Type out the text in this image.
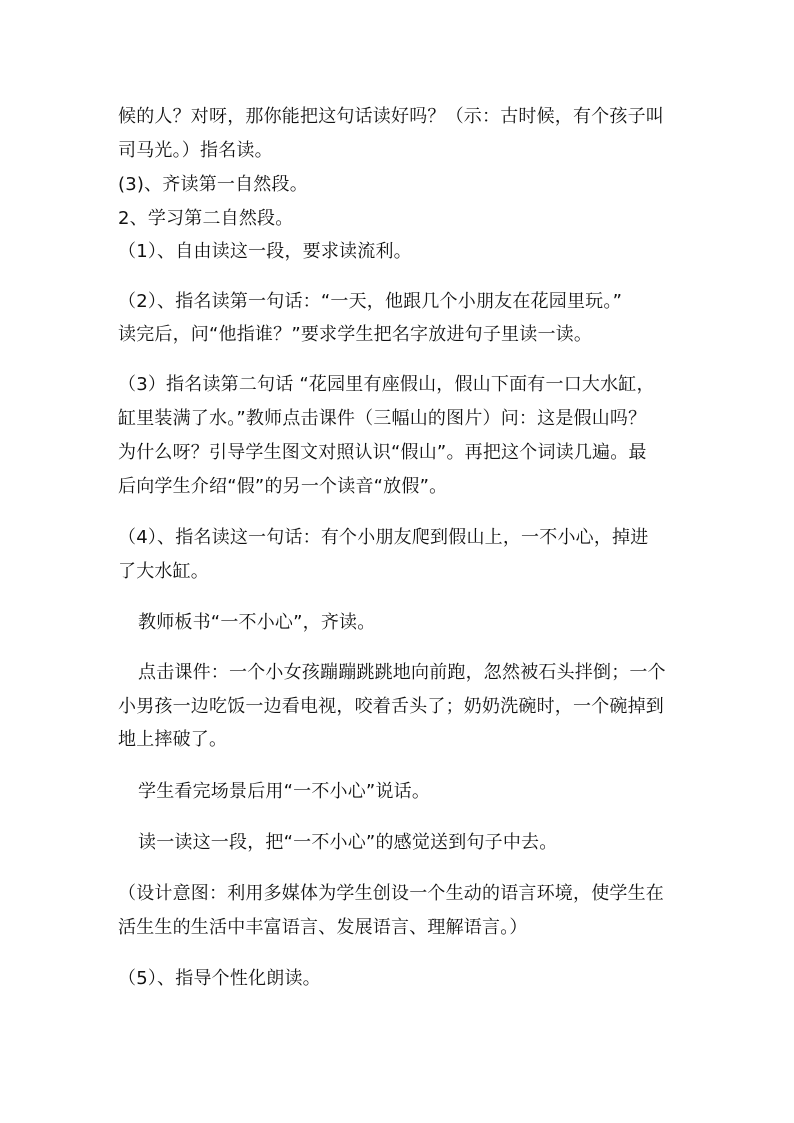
候的人？对呀，那你能把这句话读好吗？（示：古时候，有个孩子叫
司马光。）指名读。
(3)、齐读第一自然段。
2、学习第二自然段。
（1）、自由读这一段，要求读流利。
（2）、指名读第一句话：“一天，他跟几个小朋友在花园里玩。”
读完后，问“他指谁？”要求学生把名字放进句子里读一读。
（3）指名读第二句话 “花园里有座假山，假山下面有一口大水缸，
缸里装满了水。”教师点击课件（三幅山的图片）问：这是假山吗？
为什么呀？引导学生图文对照认识“假山”。再把这个词读几遍。最
后向学生介绍“假”的另一个读音“放假”。
（4）、指名读这一句话：有个小朋友爬到假山上，一不小心，掉进
了大水缸。
教师板书“一不小心”，齐读。
点击课件：一个小女孩蹦蹦跳跳地向前跑，忽然被石头拌倒；一个
小男孩一边吃饭一边看电视，咬着舌头了；奶奶洗碗时，一个碗掉到
地上摔破了。
学生看完场景后用“一不小心”说话。
读一读这一段，把“一不小心”的感觉送到句子中去。
（设计意图：利用多媒体为学生创设一个生动的语言环境，使学生在
活生生的生活中丰富语言、发展语言、理解语言。）
（5）、指导个性化朗读。
